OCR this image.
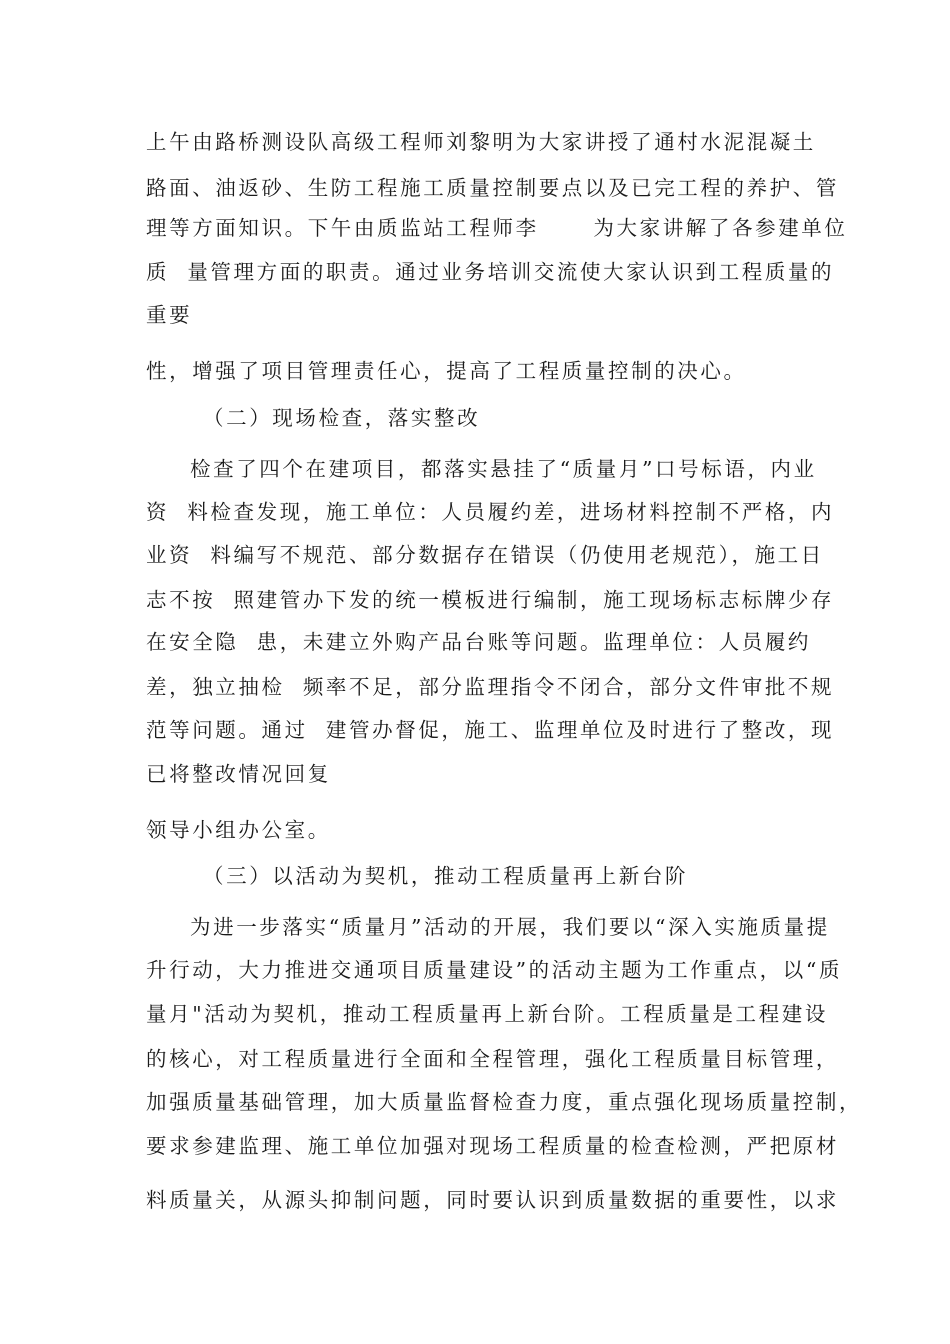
上午由路桥测设队高级工程师刘黎明为大家讲授了通村水泥混凝土

路面、油返砂、生防工程施工质量控制要点以及已完工程的养护、管

理等方面知识。下午由质监站工程师李      为大家讲解了各参建单位

质  量管理方面的职责。通过业务培训交流使大家认识到工程质量的

重要

性，增强了项目管理责任心，提高了工程质量控制的决心。

（二）现场检查，落实整改

检查了四个在建项目，都落实悬挂了“质量月”口号标语，内业

资  料检查发现，施工单位：人员履约差，进场材料控制不严格，内

业资  料编写不规范、部分数据存在错误（仍使用老规范），施工日

志不按  照建管办下发的统一模板进行编制，施工现场标志标牌少存

在安全隐  患，未建立外购产品台账等问题。监理单位：人员履约

差，独立抽检  频率不足，部分监理指令不闭合，部分文件审批不规

范等问题。通过  建管办督促，施工、监理单位及时进行了整改，现

已将整改情况回复

领导小组办公室。

（三）以活动为契机，推动工程质量再上新台阶

为进一步落实“质量月”活动的开展，我们要以“深入实施质量提

升行动，大力推进交通项目质量建设”的活动主题为工作重点，以“质

量月"活动为契机，推动工程质量再上新台阶。工程质量是工程建设

的核心，对工程质量进行全面和全程管理，强化工程质量目标管理，

加强质量基础管理，加大质量监督检查力度，重点强化现场质量控制，

要求参建监理、施工单位加强对现场工程质量的检查检测，严把原材

料质量关，从源头抑制问题，同时要认识到质量数据的重要性，以求
